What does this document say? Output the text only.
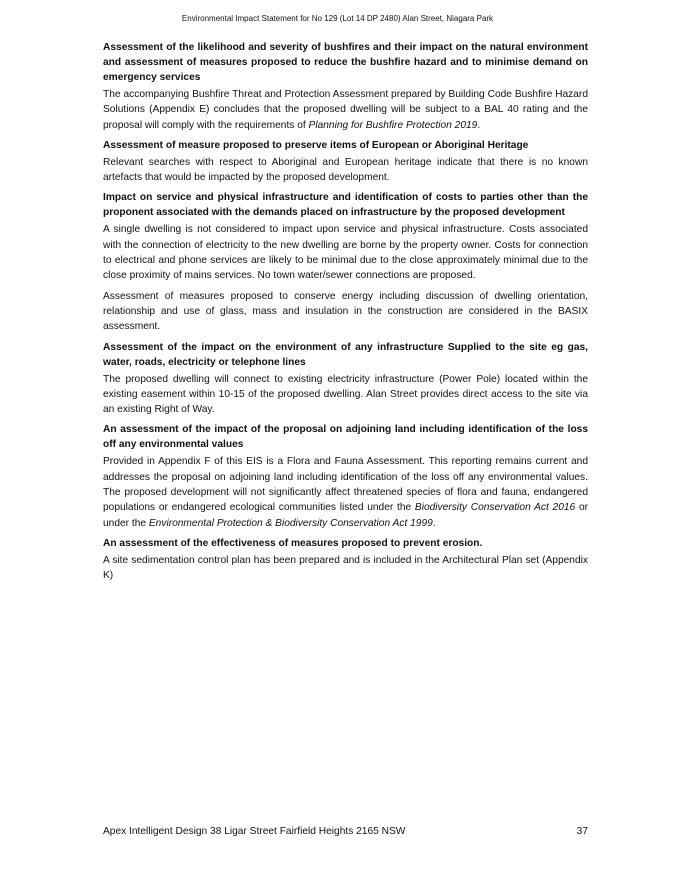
Environmental Impact Statement for No 129 (Lot 14 DP 2480) Alan Street, Niagara Park
Assessment of the likelihood and severity of bushfires and their impact on the natural environment and assessment of measures proposed to reduce the bushfire hazard and to minimise demand on emergency services
The accompanying Bushfire Threat and Protection Assessment prepared by Building Code Bushfire Hazard Solutions (Appendix E) concludes that the proposed dwelling will be subject to a BAL 40 rating and the proposal will comply with the requirements of Planning for Bushfire Protection 2019.
Assessment of measure proposed to preserve items of European or Aboriginal Heritage
Relevant searches with respect to Aboriginal and European heritage indicate that there is no known artefacts that would be impacted by the proposed development.
Impact on service and physical infrastructure and identification of costs to parties other than the proponent associated with the demands placed on infrastructure by the proposed development
A single dwelling is not considered to impact upon service and physical infrastructure. Costs associated with the connection of electricity to the new dwelling are borne by the property owner. Costs for connection to electrical and phone services are likely to be minimal due to the close approximately minimal due to the close proximity of mains services. No town water/sewer connections are proposed.
Assessment of measures proposed to conserve energy including discussion of dwelling orientation, relationship and use of glass, mass and insulation in the construction are considered in the BASIX assessment.
Assessment of the impact on the environment of any infrastructure Supplied to the site eg gas, water, roads, electricity or telephone lines
The proposed dwelling will connect to existing electricity infrastructure (Power Pole) located within the existing easement within 10-15 of the proposed dwelling. Alan Street provides direct access to the site via an existing Right of Way.
An assessment of the impact of the proposal on adjoining land including identification of the loss off any environmental values
Provided in Appendix F of this EIS is a Flora and Fauna Assessment. This reporting remains current and addresses the proposal on adjoining land including identification of the loss off any environmental values. The proposed development will not significantly affect threatened species of flora and fauna, endangered populations or endangered ecological communities listed under the Biodiversity Conservation Act 2016 or under the Environmental Protection & Biodiversity Conservation Act 1999.
An assessment of the effectiveness of measures proposed to prevent erosion.
A site sedimentation control plan has been prepared and is included in the Architectural Plan set (Appendix K)
Apex Intelligent Design 38 Ligar Street Fairfield Heights 2165 NSW	37
